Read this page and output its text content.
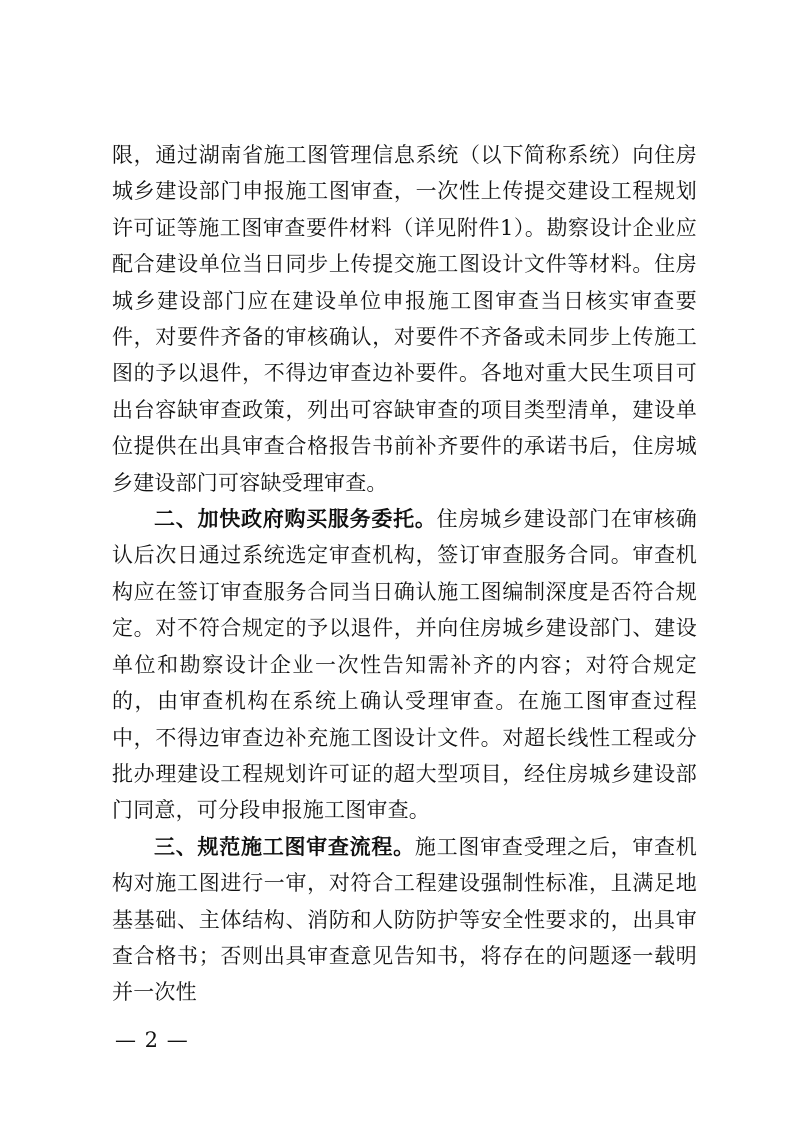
限，通过湖南省施工图管理信息系统（以下简称系统）向住房城乡建设部门申报施工图审查，一次性上传提交建设工程规划许可证等施工图审查要件材料（详见附件1）。勘察设计企业应配合建设单位当日同步上传提交施工图设计文件等材料。住房城乡建设部门应在建设单位申报施工图审查当日核实审查要件，对要件齐备的审核确认，对要件不齐备或未同步上传施工图的予以退件，不得边审查边补要件。各地对重大民生项目可出台容缺审查政策，列出可容缺审查的项目类型清单，建设单位提供在出具审查合格报告书前补齐要件的承诺书后，住房城乡建设部门可容缺受理审查。

二、加快政府购买服务委托。住房城乡建设部门在审核确认后次日通过系统选定审查机构，签订审查服务合同。审查机构应在签订审查服务合同当日确认施工图编制深度是否符合规定。对不符合规定的予以退件，并向住房城乡建设部门、建设单位和勘察设计企业一次性告知需补齐的内容；对符合规定的，由审查机构在系统上确认受理审查。在施工图审查过程中，不得边审查边补充施工图设计文件。对超长线性工程或分批办理建设工程规划许可证的超大型项目，经住房城乡建设部门同意，可分段申报施工图审查。

三、规范施工图审查流程。施工图审查受理之后，审查机构对施工图进行一审，对符合工程建设强制性标准，且满足地基基础、主体结构、消防和人防防护等安全性要求的，出具审查合格书；否则出具审查意见告知书，将存在的问题逐一载明并一次性

— 2 —
